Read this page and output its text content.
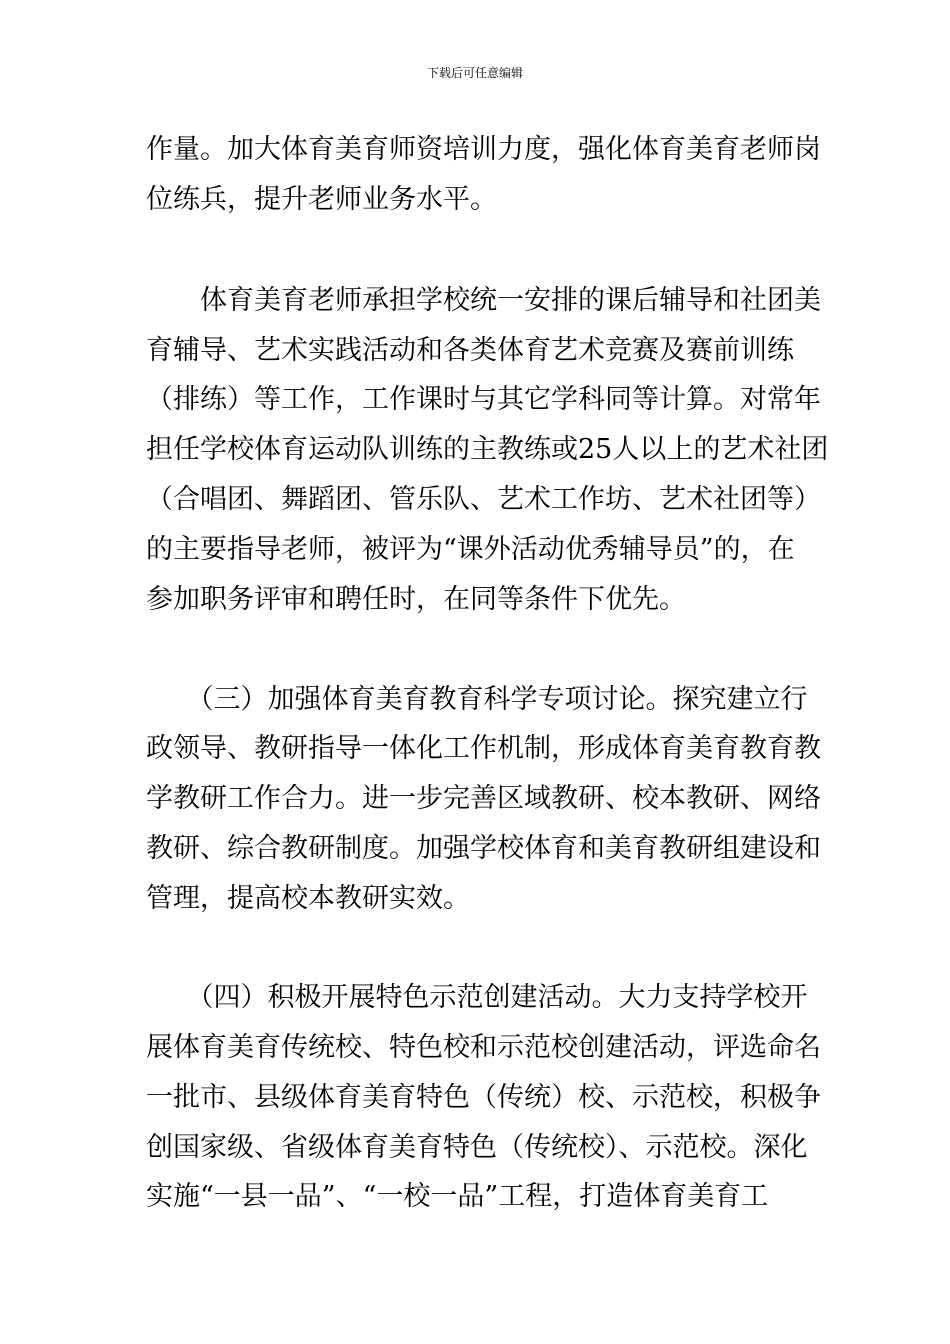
下载后可任意编辑
作量。加大体育美育师资培训力度，强化体育美育老师岗
位练兵，提升老师业务水平。
　　体育美育老师承担学校统一安排的课后辅导和社团美
育辅导、艺术实践活动和各类体育艺术竞赛及赛前训练
（排练）等工作，工作课时与其它学科同等计算。对常年
担任学校体育运动队训练的主教练或25人以上的艺术社团
（合唱团、舞蹈团、管乐队、艺术工作坊、艺术社团等）
的主要指导老师，被评为“课外活动优秀辅导员”的，在
参加职务评审和聘任时，在同等条件下优先。
　　（三）加强体育美育教育科学专项讨论。探究建立行
政领导、教研指导一体化工作机制，形成体育美育教育教
学教研工作合力。进一步完善区域教研、校本教研、网络
教研、综合教研制度。加强学校体育和美育教研组建设和
管理，提高校本教研实效。
　　（四）积极开展特色示范创建活动。大力支持学校开
展体育美育传统校、特色校和示范校创建活动，评选命名
一批市、县级体育美育特色（传统）校、示范校，积极争
创国家级、省级体育美育特色（传统校）、示范校。深化
实施“一县一品”、“一校一品”工程，打造体育美育工
